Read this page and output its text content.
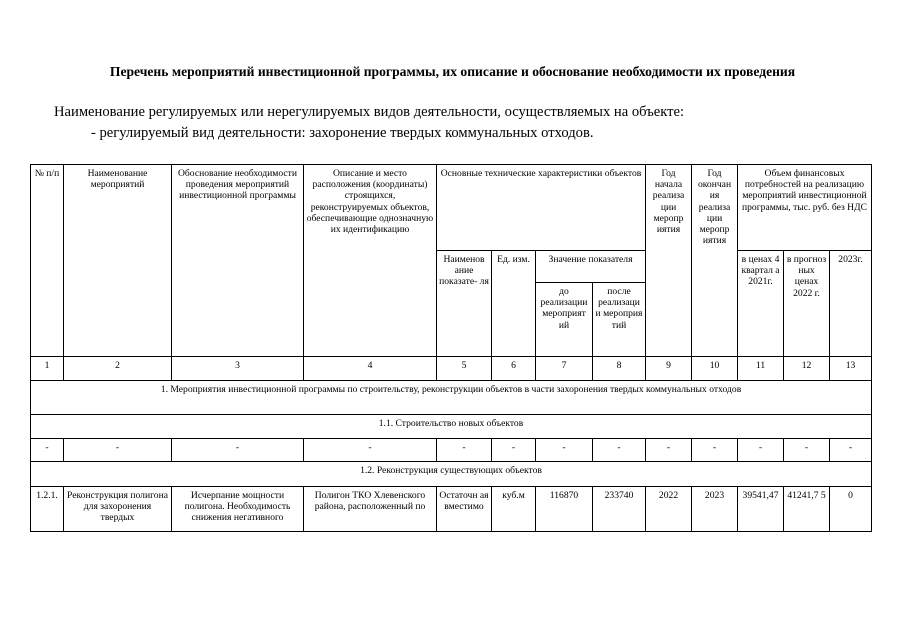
Перечень мероприятий инвестиционной программы, их описание и обоснование необходимости их проведения
Наименование регулируемых или нерегулируемых видов деятельности, осуществляемых на объекте:
- регулируемый вид деятельности: захоронение твердых коммунальных отходов.
№ п/п	Наименование мероприятий	Обоснование необходимости проведения мероприятий инвестиционной программы	Описание и место расположения (координаты) строящихся, реконструируемых объектов, обеспечивающие однозначную их идентификацию	Основные технические характеристики объектов				Год начала реализа ции меропр иятия	Год окончан ия реализа ции меропр иятия	Объем финансовых потребностей на реализацию мероприятий инвестиционной программы, тыс. руб. без НДС		
				Наименов ание показате- ля	Ед. изм.	Значение показателя				в ценах 4 квартал а 2021г.	в прогноз ных ценах 2022 г.	2023г.
						до реализации мероприят ий	после реализаци и мероприя тий					
1	2	3	4	5	6	7	8	9	10	11	12	13
1. Мероприятия инвестиционной программы по строительству, реконструкции объектов в части захоронения твердых коммунальных отходов												
1.1. Строительство новых объектов												
-	-	-	-	-	-	-	-	-	-	-	-	-
1.2. Реконструкция существующих объектов												
1.2.1.	Реконструкция полигона для захоронения твердых	Исчерпание мощности полигона. Необходимость снижения негативного	Полигон ТКО Хлевенского района, расположенный по	Остаточн ая вместимо	куб.м	116870	233740	2022	2023	39541,47	41241,7 5	0
